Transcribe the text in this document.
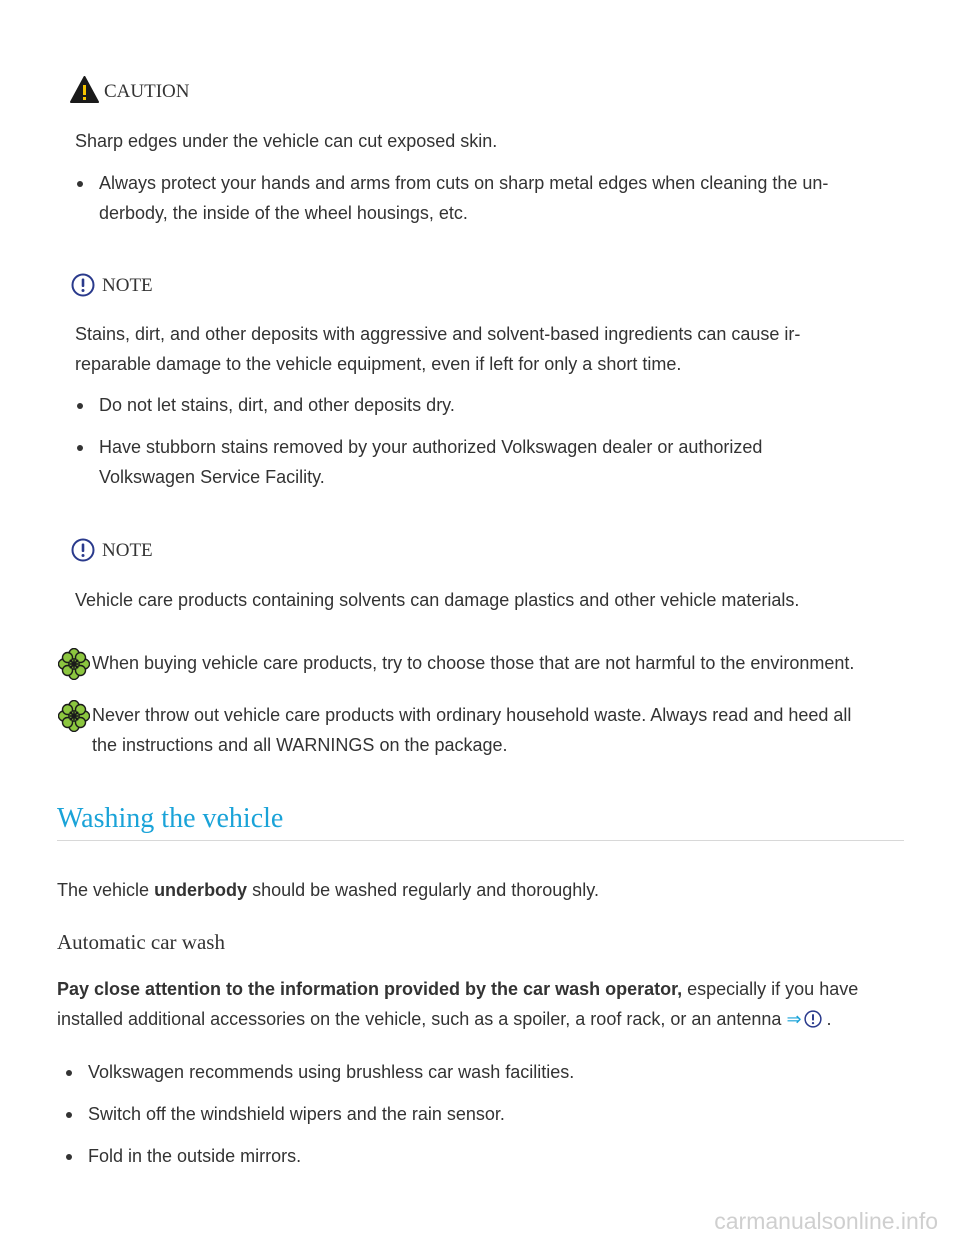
CAUTION
Sharp edges under the vehicle can cut exposed skin.
Always protect your hands and arms from cuts on sharp metal edges when cleaning the un-
derbody, the inside of the wheel housings, etc.
NOTE
Stains, dirt, and other deposits with aggressive and solvent-based ingredients can cause ir-
reparable damage to the vehicle equipment, even if left for only a short time.
Do not let stains, dirt, and other deposits dry.
Have stubborn stains removed by your authorized Volkswagen dealer or authorized
Volkswagen Service Facility.
NOTE
Vehicle care products containing solvents can damage plastics and other vehicle materials.
When buying vehicle care products, try to choose those that are not harmful to the environment.
Never throw out vehicle care products with ordinary household waste. Always read and heed all
the instructions and all WARNINGS on the package.
Washing the vehicle
The vehicle underbody should be washed regularly and thoroughly.
Automatic car wash
Pay close attention to the information provided by the car wash operator, especially if you have
installed additional accessories on the vehicle, such as a spoiler, a roof rack, or an antenna ⇒ .
Volkswagen recommends using brushless car wash facilities.
Switch off the windshield wipers and the rain sensor.
Fold in the outside mirrors.
carmanualsonline.info
